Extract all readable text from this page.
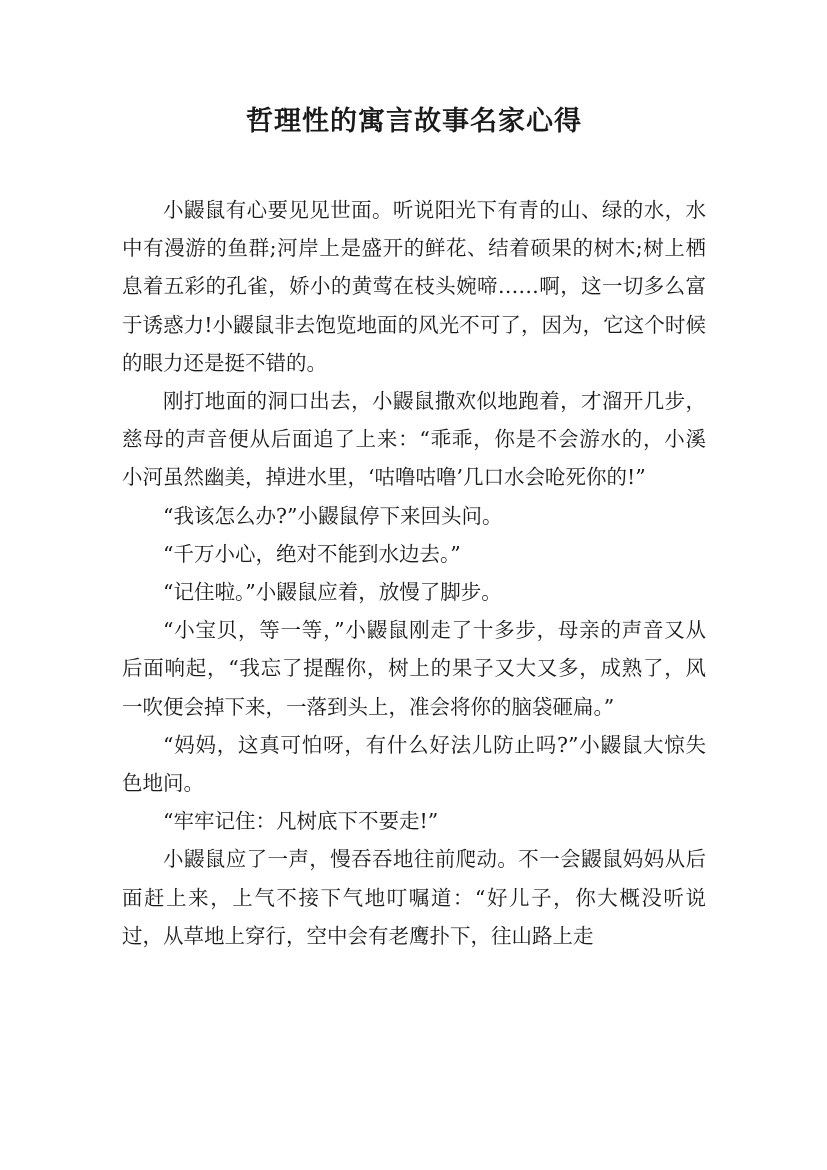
哲理性的寓言故事名家心得

小鼹鼠有心要见见世面。听说阳光下有青的山、绿的水，水中有漫游的鱼群;河岸上是盛开的鲜花、结着硕果的树木;树上栖息着五彩的孔雀，娇小的黄莺在枝头婉啼……啊，这一切多么富于诱惑力!小鼹鼠非去饱览地面的风光不可了，因为，它这个时候的眼力还是挺不错的。

刚打地面的洞口出去，小鼹鼠撒欢似地跑着，才溜开几步，慈母的声音便从后面追了上来：“乖乖，你是不会游水的，小溪小河虽然幽美，掉进水里，‘咕噜咕噜’几口水会呛死你的!”

“我该怎么办?”小鼹鼠停下来回头问。

“千万小心，绝对不能到水边去。”

“记住啦。”小鼹鼠应着，放慢了脚步。

“小宝贝，等一等，”小鼹鼠刚走了十多步，母亲的声音又从后面响起，“我忘了提醒你，树上的果子又大又多，成熟了，风一吹便会掉下来，一落到头上，准会将你的脑袋砸扁。”

“妈妈，这真可怕呀，有什么好法儿防止吗?”小鼹鼠大惊失色地问。

“牢牢记住：凡树底下不要走!”

小鼹鼠应了一声，慢吞吞地往前爬动。不一会鼹鼠妈妈从后面赶上来，上气不接下气地叮嘱道：“好儿子，你大概没听说过，从草地上穿行，空中会有老鹰扑下，往山路上走
